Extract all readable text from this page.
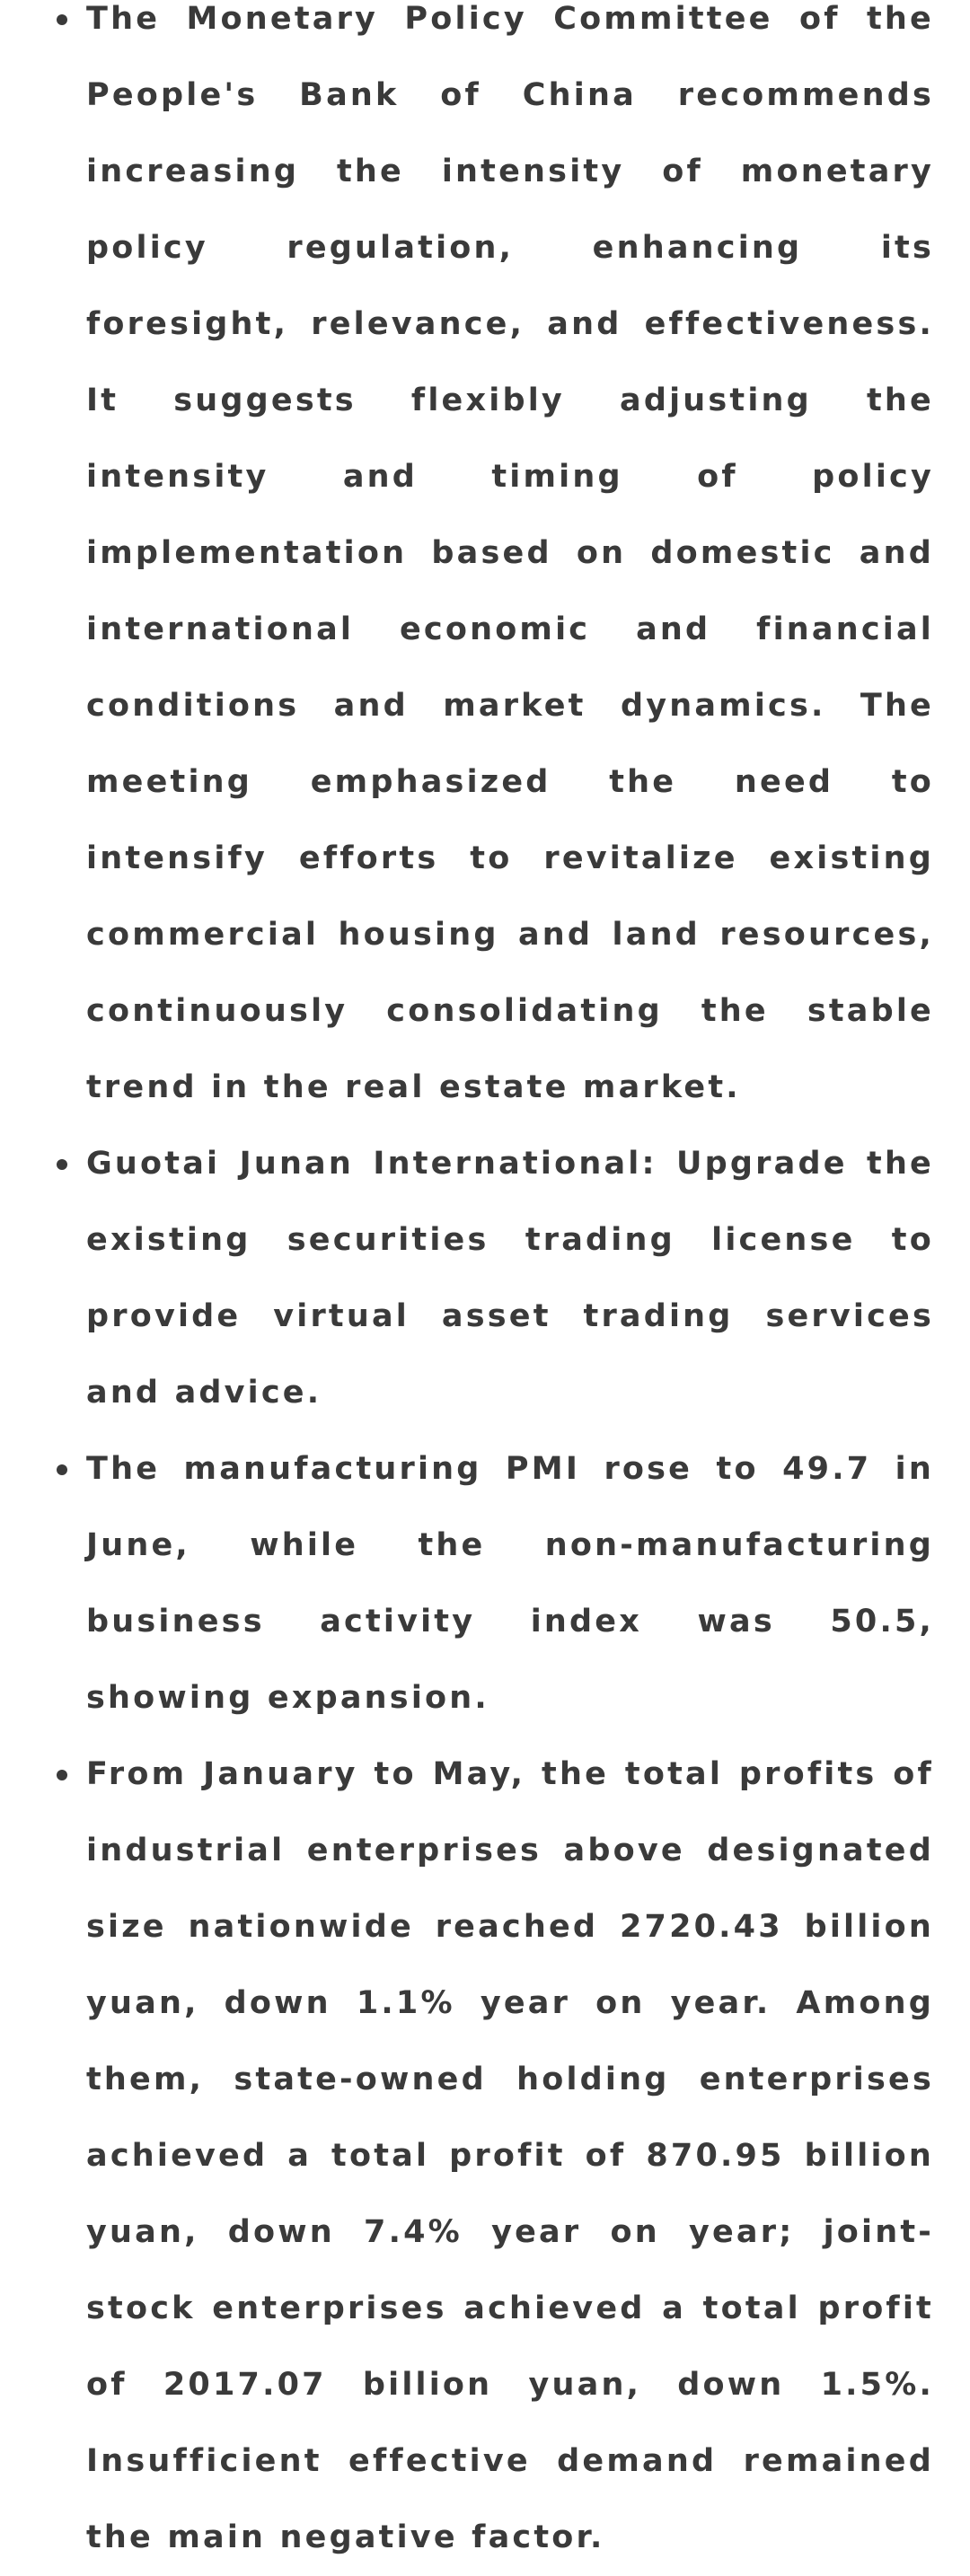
The Monetary Policy Committee of the People's Bank of China recommends increasing the intensity of monetary policy regulation, enhancing its foresight, relevance, and effectiveness. It suggests flexibly adjusting the intensity and timing of policy implementation based on domestic and international economic and financial conditions and market dynamics. The meeting emphasized the need to intensify efforts to revitalize existing commercial housing and land resources, continuously consolidating the stable trend in the real estate market.
Guotai Junan International: Upgrade the existing securities trading license to provide virtual asset trading services and advice.
The manufacturing PMI rose to 49.7 in June, while the non-manufacturing business activity index was 50.5, showing expansion.
From January to May, the total profits of industrial enterprises above designated size nationwide reached 2720.43 billion yuan, down 1.1% year on year. Among them, state-owned holding enterprises achieved a total profit of 870.95 billion yuan, down 7.4% year on year; joint-stock enterprises achieved a total profit of 2017.07 billion yuan, down 1.5%. Insufficient effective demand remained the main negative factor.
